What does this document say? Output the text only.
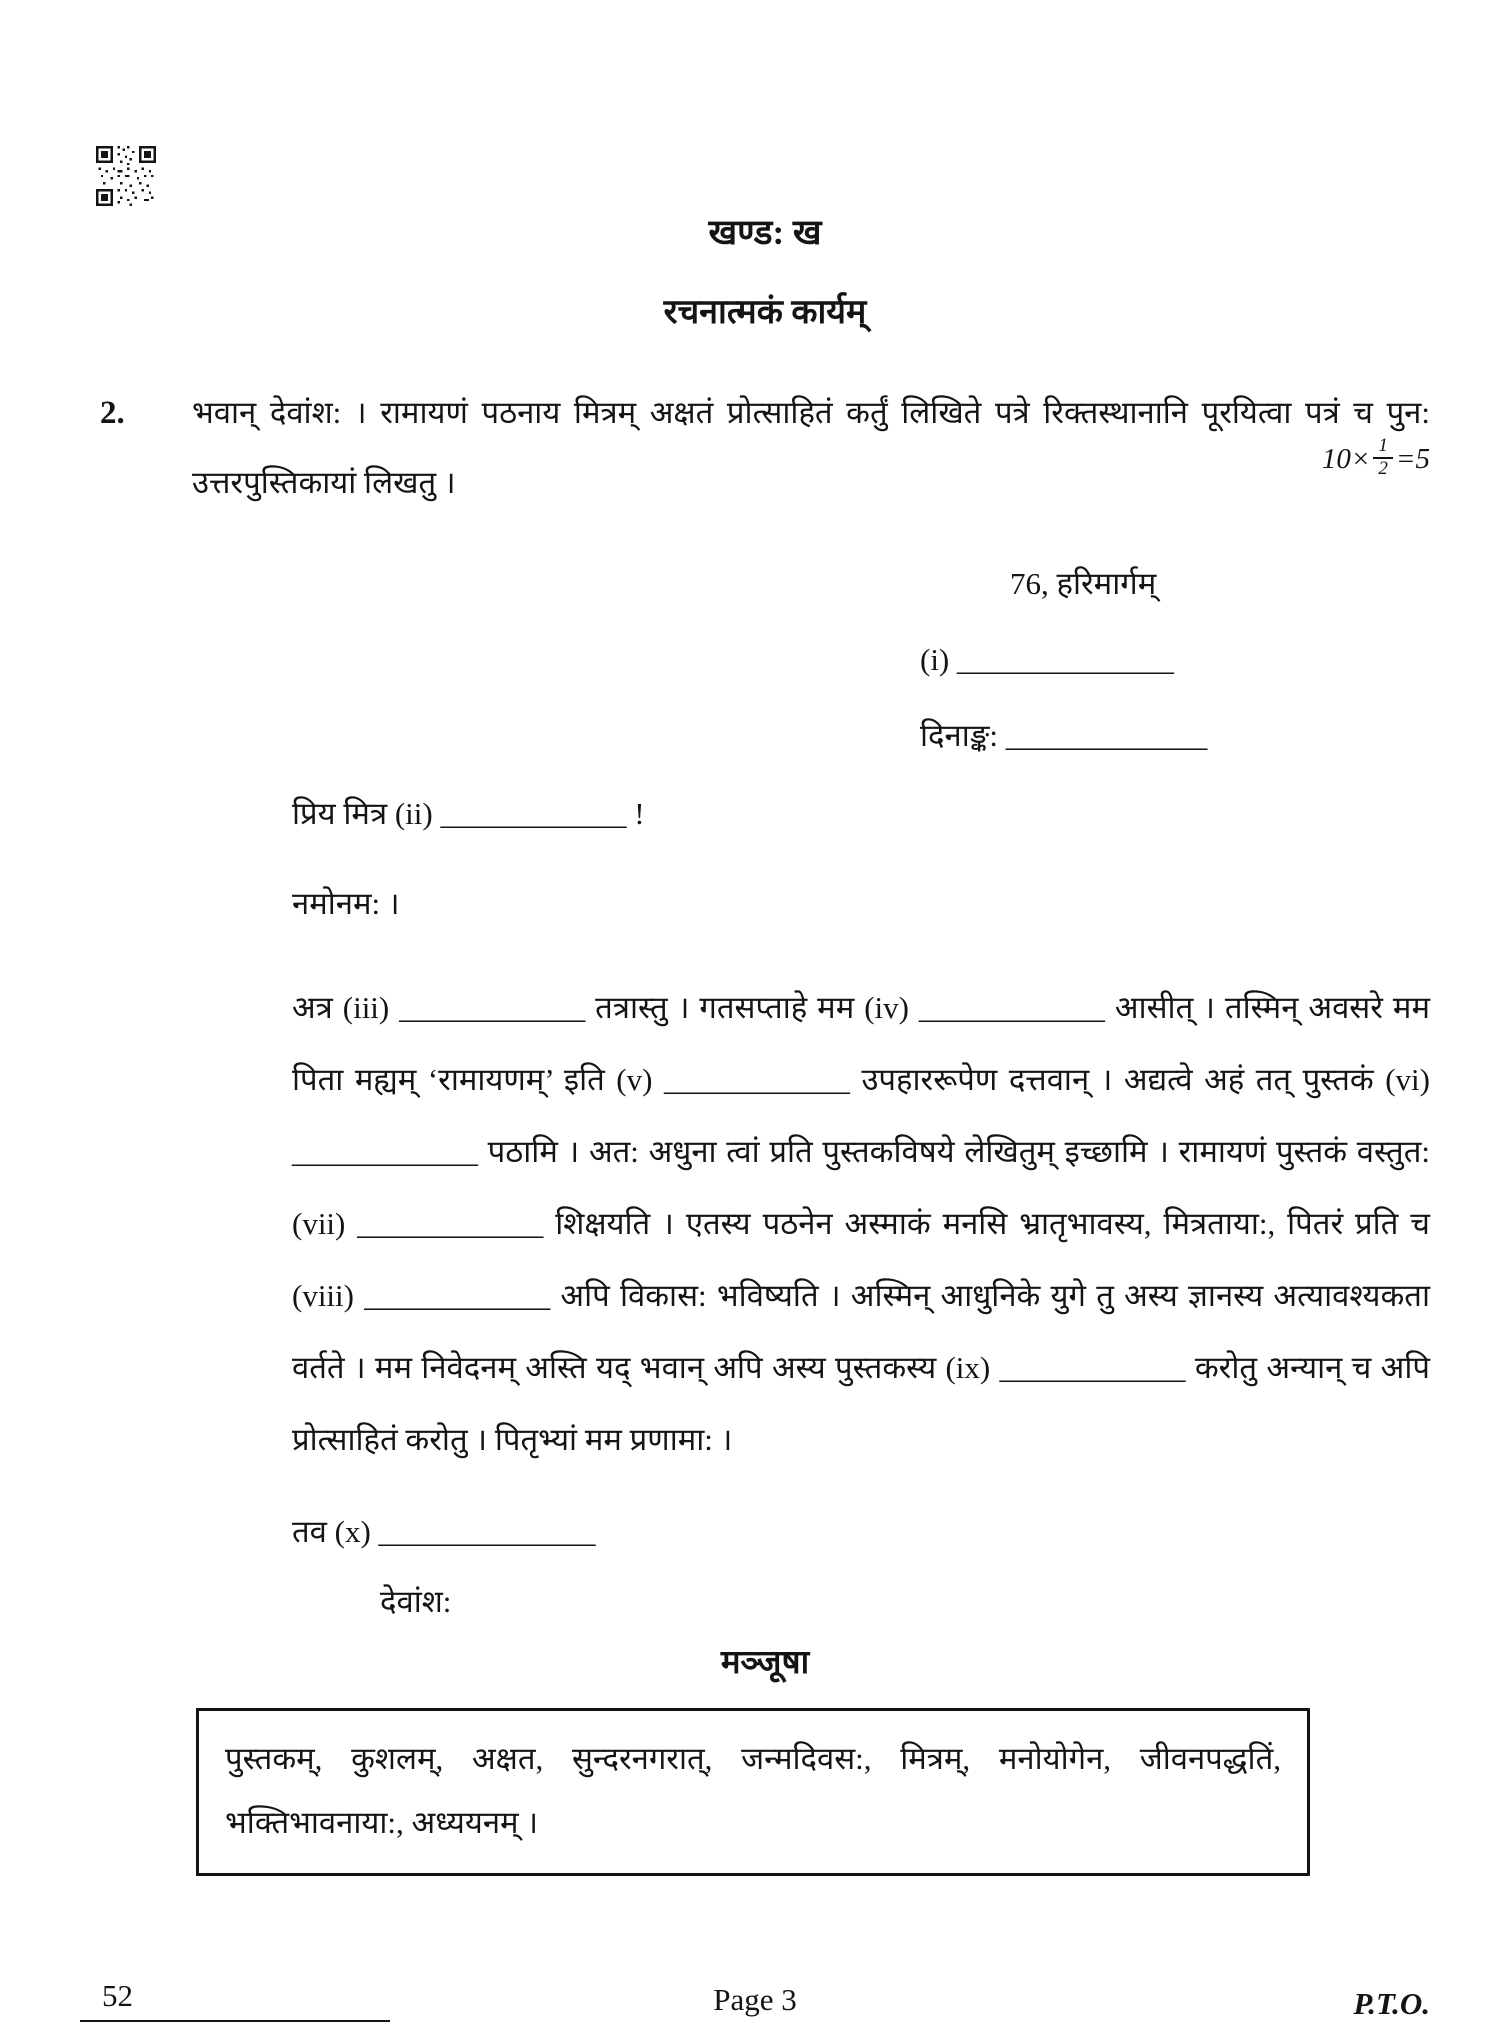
खण्ड: ख
रचनात्मकं कार्यम्
2.	भवान् देवांश: । रामायणं पठनाय मित्रम् अक्षतं प्रोत्साहितं कर्तुं लिखिते पत्रे रिक्तस्थानानि पूरयित्वा पत्रं च पुन: उत्तरपुस्तिकायां लिखतु ।
$10\times \frac{1}{2} =5$
76, हरिमार्गम्
(i) ______________
दिनाङ्क: _____________
प्रिय मित्र (ii) ____________ !
नमोनम: ।
अत्र (iii) ____________ तत्रास्तु । गतसप्ताहे मम (iv) ____________ आसीत् । तस्मिन् अवसरे मम पिता मह्यम् ‘रामायणम्’ इति (v) ____________ उपहाररूपेण दत्तवान् । अद्यत्वे अहं तत् पुस्तकं (vi) ____________ पठामि । अत: अधुना त्वां प्रति पुस्तकविषये लेखितुम् इच्छामि । रामायणं पुस्तकं वस्तुत: (vii) ____________ शिक्षयति । एतस्य पठनेन अस्माकं मनसि भ्रातृभावस्य, मित्रताया:, पितरं प्रति च (viii) ____________ अपि विकास: भविष्यति । अस्मिन् आधुनिके युगे तु अस्य ज्ञानस्य अत्यावश्यकता वर्तते । मम निवेदनम् अस्ति यद् भवान् अपि अस्य पुस्तकस्य (ix) ____________ करोतु अन्यान् च अपि प्रोत्साहितं करोतु । पितृभ्यां मम प्रणामा: ।
तव (x) ______________
देवांश:
मञ्जूषा
पुस्तकम्, कुशलम्, अक्षत, सुन्दरनगरात्, जन्मदिवस:, मित्रम्, मनोयोगेन, जीवनपद्धतिं, भक्तिभावनाया:, अध्ययनम् ।
52	Page 3	P.T.O.
